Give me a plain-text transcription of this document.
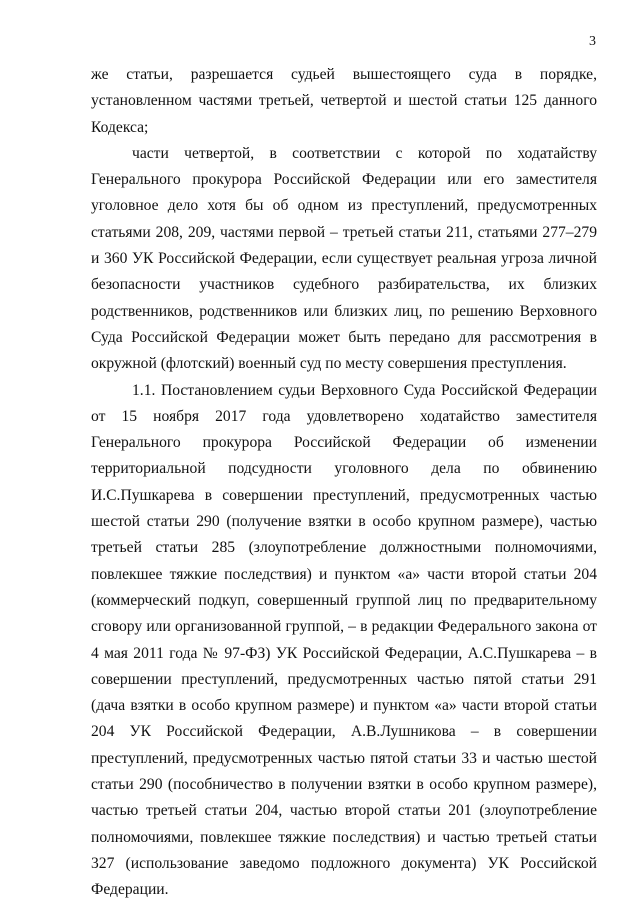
3

же статьи, разрешается судьей вышестоящего суда в порядке, установленном частями третьей, четвертой и шестой статьи 125 данного Кодекса;

части четвертой, в соответствии с которой по ходатайству Генерального прокурора Российской Федерации или его заместителя уголовное дело хотя бы об одном из преступлений, предусмотренных статьями 208, 209, частями первой – третьей статьи 211, статьями 277–279 и 360 УК Российской Федерации, если существует реальная угроза личной безопасности участников судебного разбирательства, их близких родственников, родственников или близких лиц, по решению Верховного Суда Российской Федерации может быть передано для рассмотрения в окружной (флотский) военный суд по месту совершения преступления.

1.1. Постановлением судьи Верховного Суда Российской Федерации от 15 ноября 2017 года удовлетворено ходатайство заместителя Генерального прокурора Российской Федерации об изменении территориальной подсудности уголовного дела по обвинению И.С.Пушкарева в совершении преступлений, предусмотренных частью шестой статьи 290 (получение взятки в особо крупном размере), частью третьей статьи 285 (злоупотребление должностными полномочиями, повлекшее тяжкие последствия) и пунктом «а» части второй статьи 204 (коммерческий подкуп, совершенный группой лиц по предварительному сговору или организованной группой, – в редакции Федерального закона от 4 мая 2011 года № 97-ФЗ) УК Российской Федерации, А.С.Пушкарева – в совершении преступлений, предусмотренных частью пятой статьи 291 (дача взятки в особо крупном размере) и пунктом «а» части второй статьи 204 УК Российской Федерации, А.В.Лушникова – в совершении преступлений, предусмотренных частью пятой статьи 33 и частью шестой статьи 290 (пособничество в получении взятки в особо крупном размере), частью третьей статьи 204, частью второй статьи 201 (злоупотребление полномочиями, повлекшее тяжкие последствия) и частью третьей статьи 327 (использование заведомо подложного документа) УК Российской Федерации.
